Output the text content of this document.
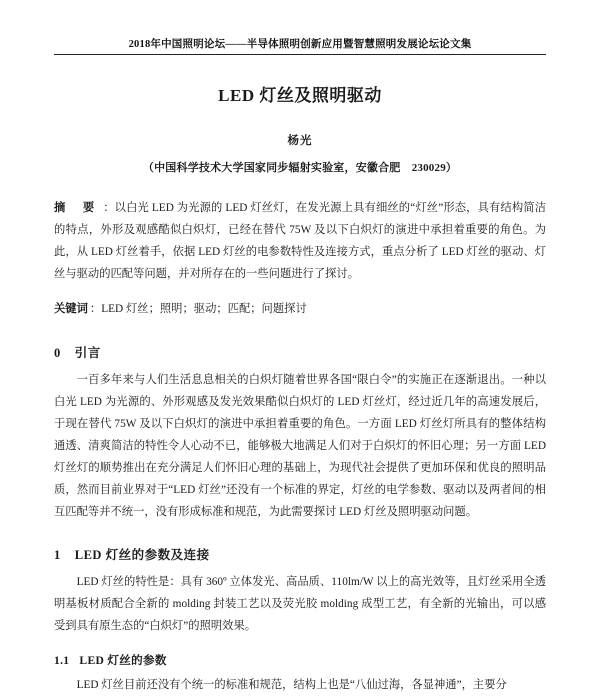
2018年中国照明论坛——半导体照明创新应用暨智慧照明发展论坛论文集
LED 灯丝及照明驱动
杨光
（中国科学技术大学国家同步辐射实验室，安徽合肥　230029）
摘　要 ：以白光 LED 为光源的 LED 灯丝灯，在发光源上具有细丝的“灯丝”形态，具有结构简洁的特点，外形及观感酷似白炽灯，已经在替代 75W 及以下白炽灯的演进中承担着重要的角色。为此，从 LED 灯丝着手，依据 LED 灯丝的电参数特性及连接方式，重点分析了 LED 灯丝的驱动、灯丝与驱动的匹配等问题，并对所存在的一些问题进行了探讨。
关键词 ：LED 灯丝；照明；驱动；匹配；问题探讨
0 引言

一百多年来与人们生活息息相关的白炽灯随着世界各国“限白令”的实施正在逐渐退出。一种以白光 LED 为光源的、外形观感及发光效果酷似白炽灯的 LED 灯丝灯，经过近几年的高速发展后，于现在替代 75W 及以下白炽灯的演进中承担着重要的角色。一方面 LED 灯丝灯所具有的整体结构通透、清爽简洁的特性令人心动不已，能够极大地满足人们对于白炽灯的怀旧心理；另一方面 LED 灯丝灯的顺势推出在充分满足人们怀旧心理的基础上，为现代社会提供了更加环保和优良的照明品质，然而目前业界对于“LED 灯丝”还没有一个标准的界定，灯丝的电学参数、驱动以及两者间的相互匹配等并不统一，没有形成标准和规范，为此需要探讨 LED 灯丝及照明驱动问题。

1 LED 灯丝的参数及连接

LED 灯丝的特性是：具有 360º 立体发光、高品质、110lm/W 以上的高光效等，且灯丝采用全透明基板材质配合全新的 molding 封装工艺以及荧光胶 molding 成型工艺，有全新的光输出，可以感受到具有原生态的“白炽灯”的照明效果。

1.1 LED 灯丝的参数

LED 灯丝目前还没有个统一的标准和规范，结构上也是“八仙过海，各显神通”，主要分
